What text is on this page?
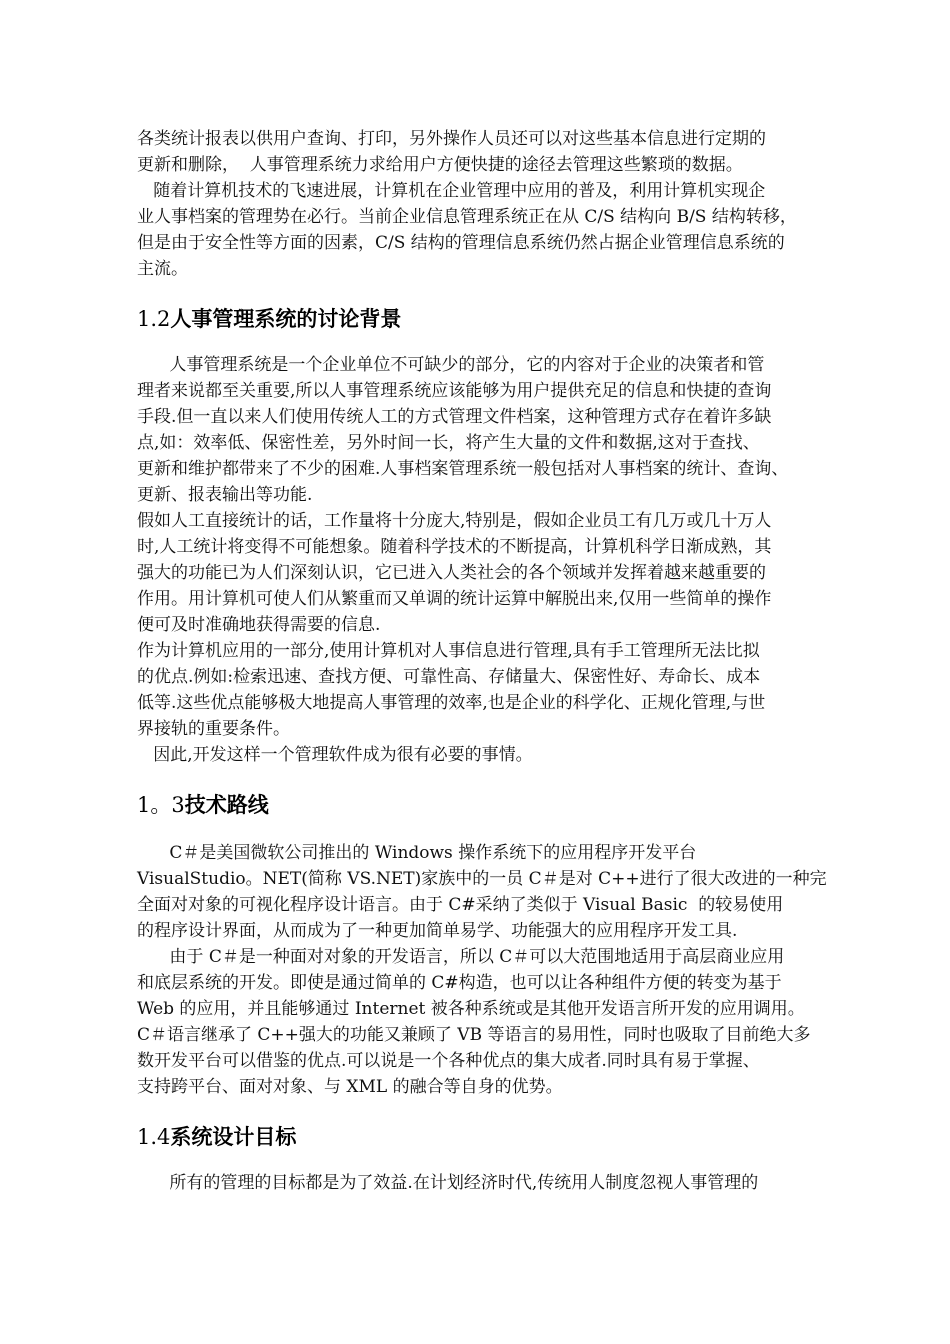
各类统计报表以供用户查询、打印，另外操作人员还可以对这些基本信息进行定期的
更新和删除，  人事管理系统力求给用户方便快捷的途径去管理这些繁琐的数据。
随着计算机技术的飞速进展，计算机在企业管理中应用的普及，利用计算机实现企
业人事档案的管理势在必行。当前企业信息管理系统正在从 C/S 结构向 B/S 结构转移，
但是由于安全性等方面的因素，C/S 结构的管理信息系统仍然占据企业管理信息系统的
主流。
1.2人事管理系统的讨论背景
人事管理系统是一个企业单位不可缺少的部分，它的内容对于企业的决策者和管
理者来说都至关重要,所以人事管理系统应该能够为用户提供充足的信息和快捷的查询
手段.但一直以来人们使用传统人工的方式管理文件档案，这种管理方式存在着许多缺
点,如：效率低、保密性差，另外时间一长，将产生大量的文件和数据,这对于查找、
更新和维护都带来了不少的困难.人事档案管理系统一般包括对人事档案的统计、查询、
更新、报表输出等功能.
假如人工直接统计的话，工作量将十分庞大,特别是，假如企业员工有几万或几十万人
时,人工统计将变得不可能想象。随着科学技术的不断提高，计算机科学日渐成熟，其
强大的功能已为人们深刻认识，它已进入人类社会的各个领域并发挥着越来越重要的
作用。用计算机可使人们从繁重而又单调的统计运算中解脱出来,仅用一些简单的操作
便可及时准确地获得需要的信息.
作为计算机应用的一部分,使用计算机对人事信息进行管理,具有手工管理所无法比拟
的优点.例如:检索迅速、查找方便、可靠性高、存储量大、保密性好、寿命长、成本
低等.这些优点能够极大地提高人事管理的效率,也是企业的科学化、正规化管理,与世
界接轨的重要条件。
因此,开发这样一个管理软件成为很有必要的事情。
1。3技术路线
C＃是美国微软公司推出的 Windows 操作系统下的应用程序开发平台
VisualStudio。NET(简称 VS.NET)家族中的一员 C＃是对 C++进行了很大改进的一种完
全面对对象的可视化程序设计语言。由于 C#采纳了类似于 Visual Basic  的较易使用
的程序设计界面，从而成为了一种更加简单易学、功能强大的应用程序开发工具.
由于 C＃是一种面对对象的开发语言，所以 C＃可以大范围地适用于高层商业应用
和底层系统的开发。即使是通过简单的 C#构造，也可以让各种组件方便的转变为基于
Web 的应用，并且能够通过 Internet 被各种系统或是其他开发语言所开发的应用调用。
C＃语言继承了 C++强大的功能又兼顾了 VB 等语言的易用性，同时也吸取了目前绝大多
数开发平台可以借鉴的优点.可以说是一个各种优点的集大成者.同时具有易于掌握、
支持跨平台、面对对象、与 XML 的融合等自身的优势。
1.4系统设计目标
所有的管理的目标都是为了效益.在计划经济时代,传统用人制度忽视人事管理的
